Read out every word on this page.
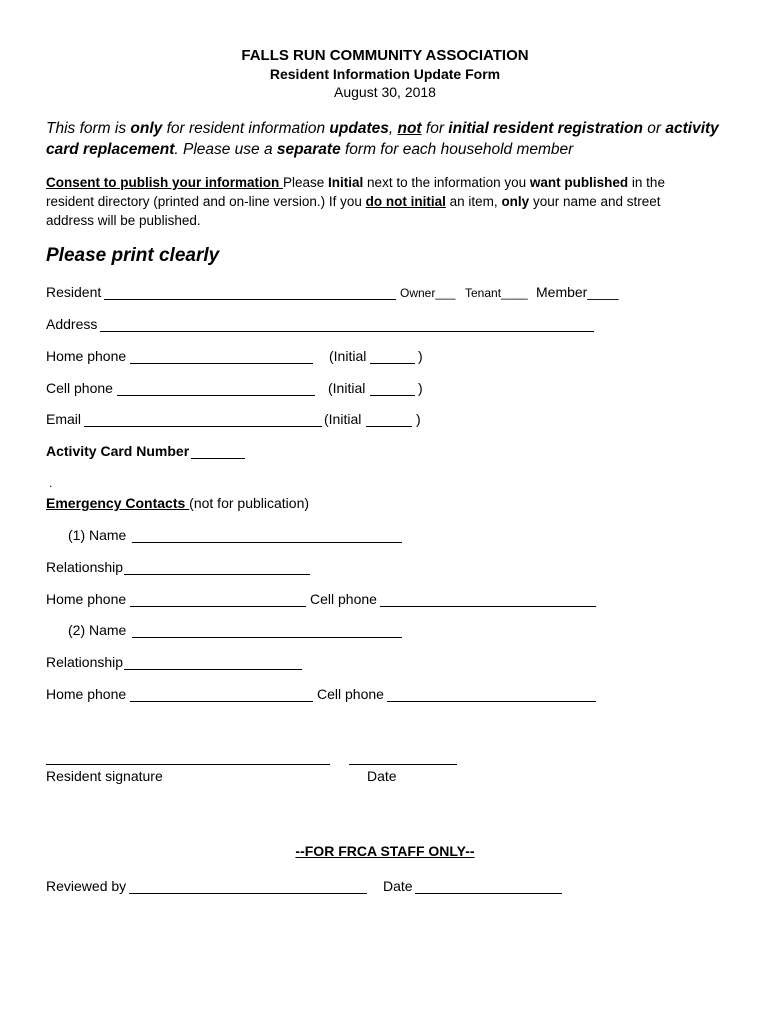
FALLS RUN COMMUNITY ASSOCIATION
Resident Information Update Form
August 30, 2018
This form is only for resident information updates, not for initial resident registration or activity
card replacement. Please use a separate form for each household member
Consent to publish your information Please Initial next to the information you want published in the
resident directory (printed and on-line version.) If you do not initial an item, only your name and street
address will be published.
Please print clearly
Resident	Owner___ Tenant____ Member____
Address
Home phone	(Initial	)
Cell phone	(Initial	)
Email	(Initial	)
Activity Card Number
.
Emergency Contacts (not for publication)
(1) Name
Relationship
Home phone	Cell phone
(2) Name
Relationship
Home phone	Cell phone
Resident signature	Date
--FOR FRCA STAFF ONLY--
Reviewed by	Date
